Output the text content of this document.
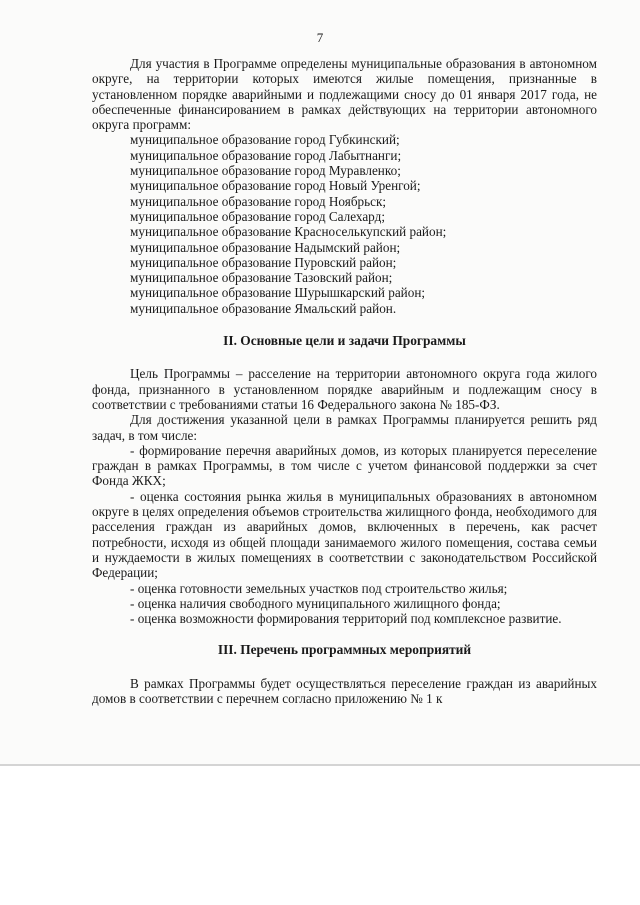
7

Для участия в Программе определены муниципальные образования в автономном округе, на территории которых имеются жилые помещения, признанные в установленном порядке аварийными и подлежащими сносу до 01 января 2017 года, не обеспеченные финансированием в рамках действующих на территории автономного округа программ:

муниципальное образование город Губкинский;
муниципальное образование город Лабытнанги;
муниципальное образование город Муравленко;
муниципальное образование город Новый Уренгой;
муниципальное образование город Ноябрьск;
муниципальное образование город Салехард;
муниципальное образование Красноселькупский район;
муниципальное образование Надымский район;
муниципальное образование Пуровский район;
муниципальное образование Тазовский район;
муниципальное образование Шурышкарский район;
муниципальное образование Ямальский район.

II. Основные цели и задачи Программы

Цель Программы – расселение на территории автономного округа года жилого фонда, признанного в установленном порядке аварийным и подлежащим сносу в соответствии с требованиями статьи 16 Федерального закона № 185-ФЗ.

Для достижения указанной цели в рамках Программы планируется решить ряд задач, в том числе:

- формирование перечня аварийных домов, из которых планируется переселение граждан в рамках Программы, в том числе с учетом финансовой поддержки за счет Фонда ЖКХ;

- оценка состояния рынка жилья в муниципальных образованиях в автономном округе в целях определения объемов строительства жилищного фонда, необходимого для расселения граждан из аварийных домов, включенных в перечень, как расчет потребности, исходя из общей площади занимаемого жилого помещения, состава семьи и нуждаемости в жилых помещениях в соответствии с законодательством Российской Федерации;

- оценка готовности земельных участков под строительство жилья;

- оценка наличия свободного муниципального жилищного фонда;

- оценка возможности формирования территорий под комплексное развитие.

III. Перечень программных мероприятий

В рамках Программы будет осуществляться переселение граждан из аварийных домов в соответствии с перечнем согласно приложению № 1 к
